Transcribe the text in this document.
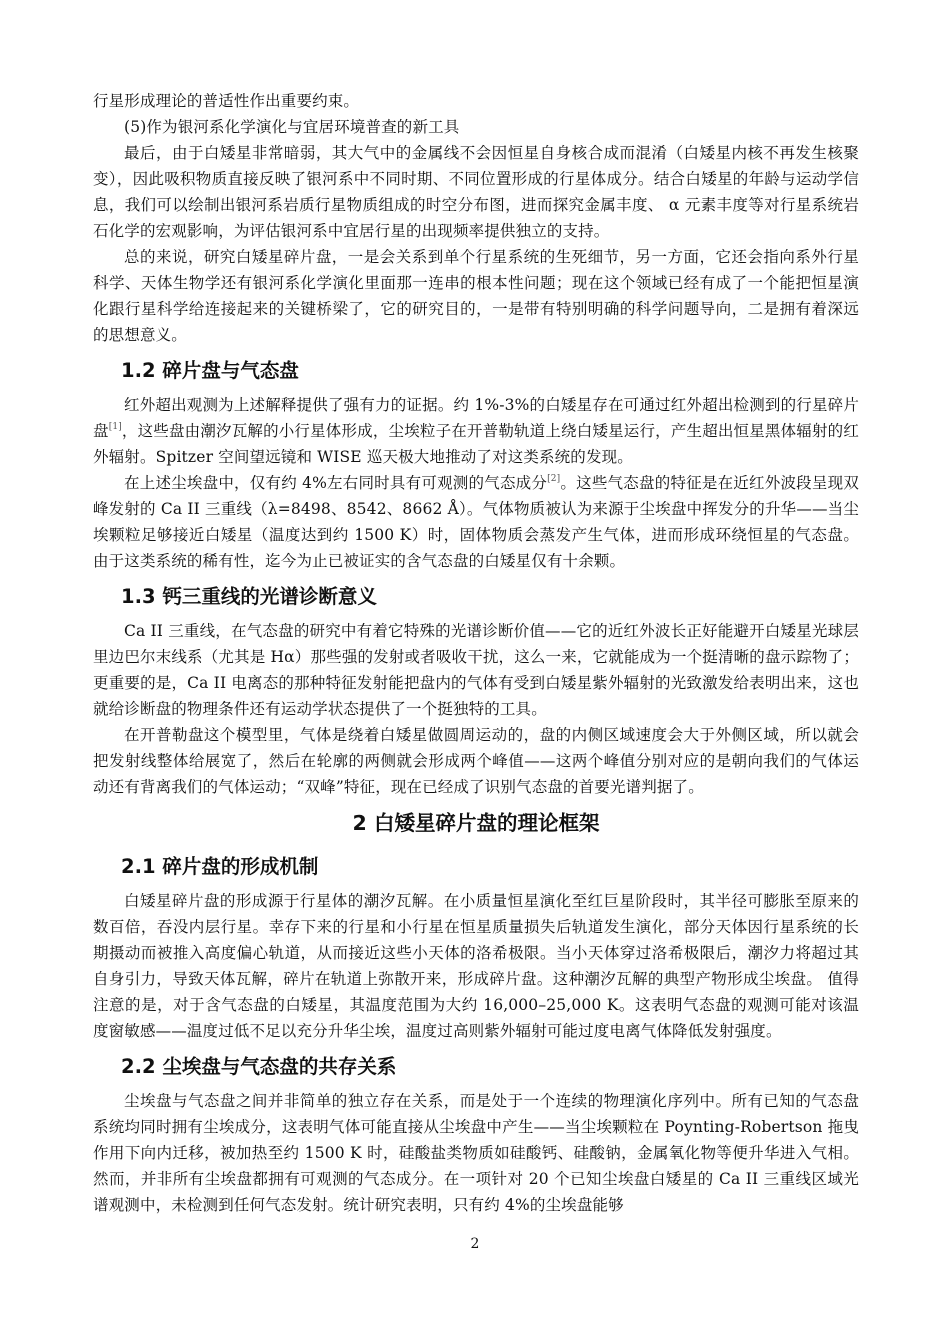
行星形成理论的普适性作出重要约束。

(5)作为银河系化学演化与宜居环境普查的新工具

最后，由于白矮星非常暗弱，其大气中的金属线不会因恒星自身核合成而混淆（白矮星内核不再发生核聚变），因此吸积物质直接反映了银河系中不同时期、不同位置形成的行星体成分。结合白矮星的年龄与运动学信息，我们可以绘制出银河系岩质行星物质组成的时空分布图，进而探究金属丰度、 α 元素丰度等对行星系统岩石化学的宏观影响，为评估银河系中宜居行星的出现频率提供独立的支持。

总的来说，研究白矮星碎片盘，一是会关系到单个行星系统的生死细节，另一方面，它还会指向系外行星科学、天体生物学还有银河系化学演化里面那一连串的根本性问题；现在这个领域已经有成了一个能把恒星演化跟行星科学给连接起来的关键桥梁了，它的研究目的，一是带有特别明确的科学问题导向，二是拥有着深远的思想意义。

1.2 碎片盘与气态盘

红外超出观测为上述解释提供了强有力的证据。约 1%-3%的白矮星存在可通过红外超出检测到的行星碎片盘[1]，这些盘由潮汐瓦解的小行星体形成，尘埃粒子在开普勒轨道上绕白矮星运行，产生超出恒星黑体辐射的红外辐射。Spitzer 空间望远镜和 WISE 巡天极大地推动了对这类系统的发现。

在上述尘埃盘中，仅有约 4%左右同时具有可观测的气态成分[2]。这些气态盘的特征是在近红外波段呈现双峰发射的 Ca II 三重线（λ=8498、8542、8662 Å）。气体物质被认为来源于尘埃盘中挥发分的升华——当尘埃颗粒足够接近白矮星（温度达到约 1500 K）时，固体物质会蒸发产生气体，进而形成环绕恒星的气态盘。由于这类系统的稀有性，迄今为止已被证实的含气态盘的白矮星仅有十余颗。

1.3 钙三重线的光谱诊断意义

Ca II 三重线，在气态盘的研究中有着它特殊的光谱诊断价值——它的近红外波长正好能避开白矮星光球层里边巴尔末线系（尤其是 Hα）那些强的发射或者吸收干扰，这么一来，它就能成为一个挺清晰的盘示踪物了；更重要的是，Ca II 电离态的那种特征发射能把盘内的气体有受到白矮星紫外辐射的光致激发给表明出来，这也就给诊断盘的物理条件还有运动学状态提供了一个挺独特的工具。

在开普勒盘这个模型里，气体是绕着白矮星做圆周运动的，盘的内侧区域速度会大于外侧区域，所以就会把发射线整体给展宽了，然后在轮廓的两侧就会形成两个峰值——这两个峰值分别对应的是朝向我们的气体运动还有背离我们的气体运动；“双峰”特征，现在已经成了识别气态盘的首要光谱判据了。

2 白矮星碎片盘的理论框架
2.1 碎片盘的形成机制

白矮星碎片盘的形成源于行星体的潮汐瓦解。在小质量恒星演化至红巨星阶段时，其半径可膨胀至原来的数百倍，吞没内层行星。幸存下来的行星和小行星在恒星质量损失后轨道发生演化，部分天体因行星系统的长期摄动而被推入高度偏心轨道，从而接近这些小天体的洛希极限。当小天体穿过洛希极限后，潮汐力将超过其自身引力，导致天体瓦解，碎片在轨道上弥散开来，形成碎片盘。这种潮汐瓦解的典型产物形成尘埃盘。 值得注意的是，对于含气态盘的白矮星，其温度范围为大约 16,000–25,000 K。这表明气态盘的观测可能对该温度窗敏感——温度过低不足以充分升华尘埃，温度过高则紫外辐射可能过度电离气体降低发射强度。

2.2 尘埃盘与气态盘的共存关系

尘埃盘与气态盘之间并非简单的独立存在关系，而是处于一个连续的物理演化序列中。所有已知的气态盘系统均同时拥有尘埃成分，这表明气体可能直接从尘埃盘中产生——当尘埃颗粒在 Poynting-Robertson 拖曳作用下向内迁移，被加热至约 1500 K 时，硅酸盐类物质如硅酸钙、硅酸钠，金属氧化物等便升华进入气相。 然而，并非所有尘埃盘都拥有可观测的气态成分。在一项针对 20 个已知尘埃盘白矮星的 Ca II 三重线区域光谱观测中，未检测到任何气态发射。统计研究表明，只有约 4%的尘埃盘能够

2
